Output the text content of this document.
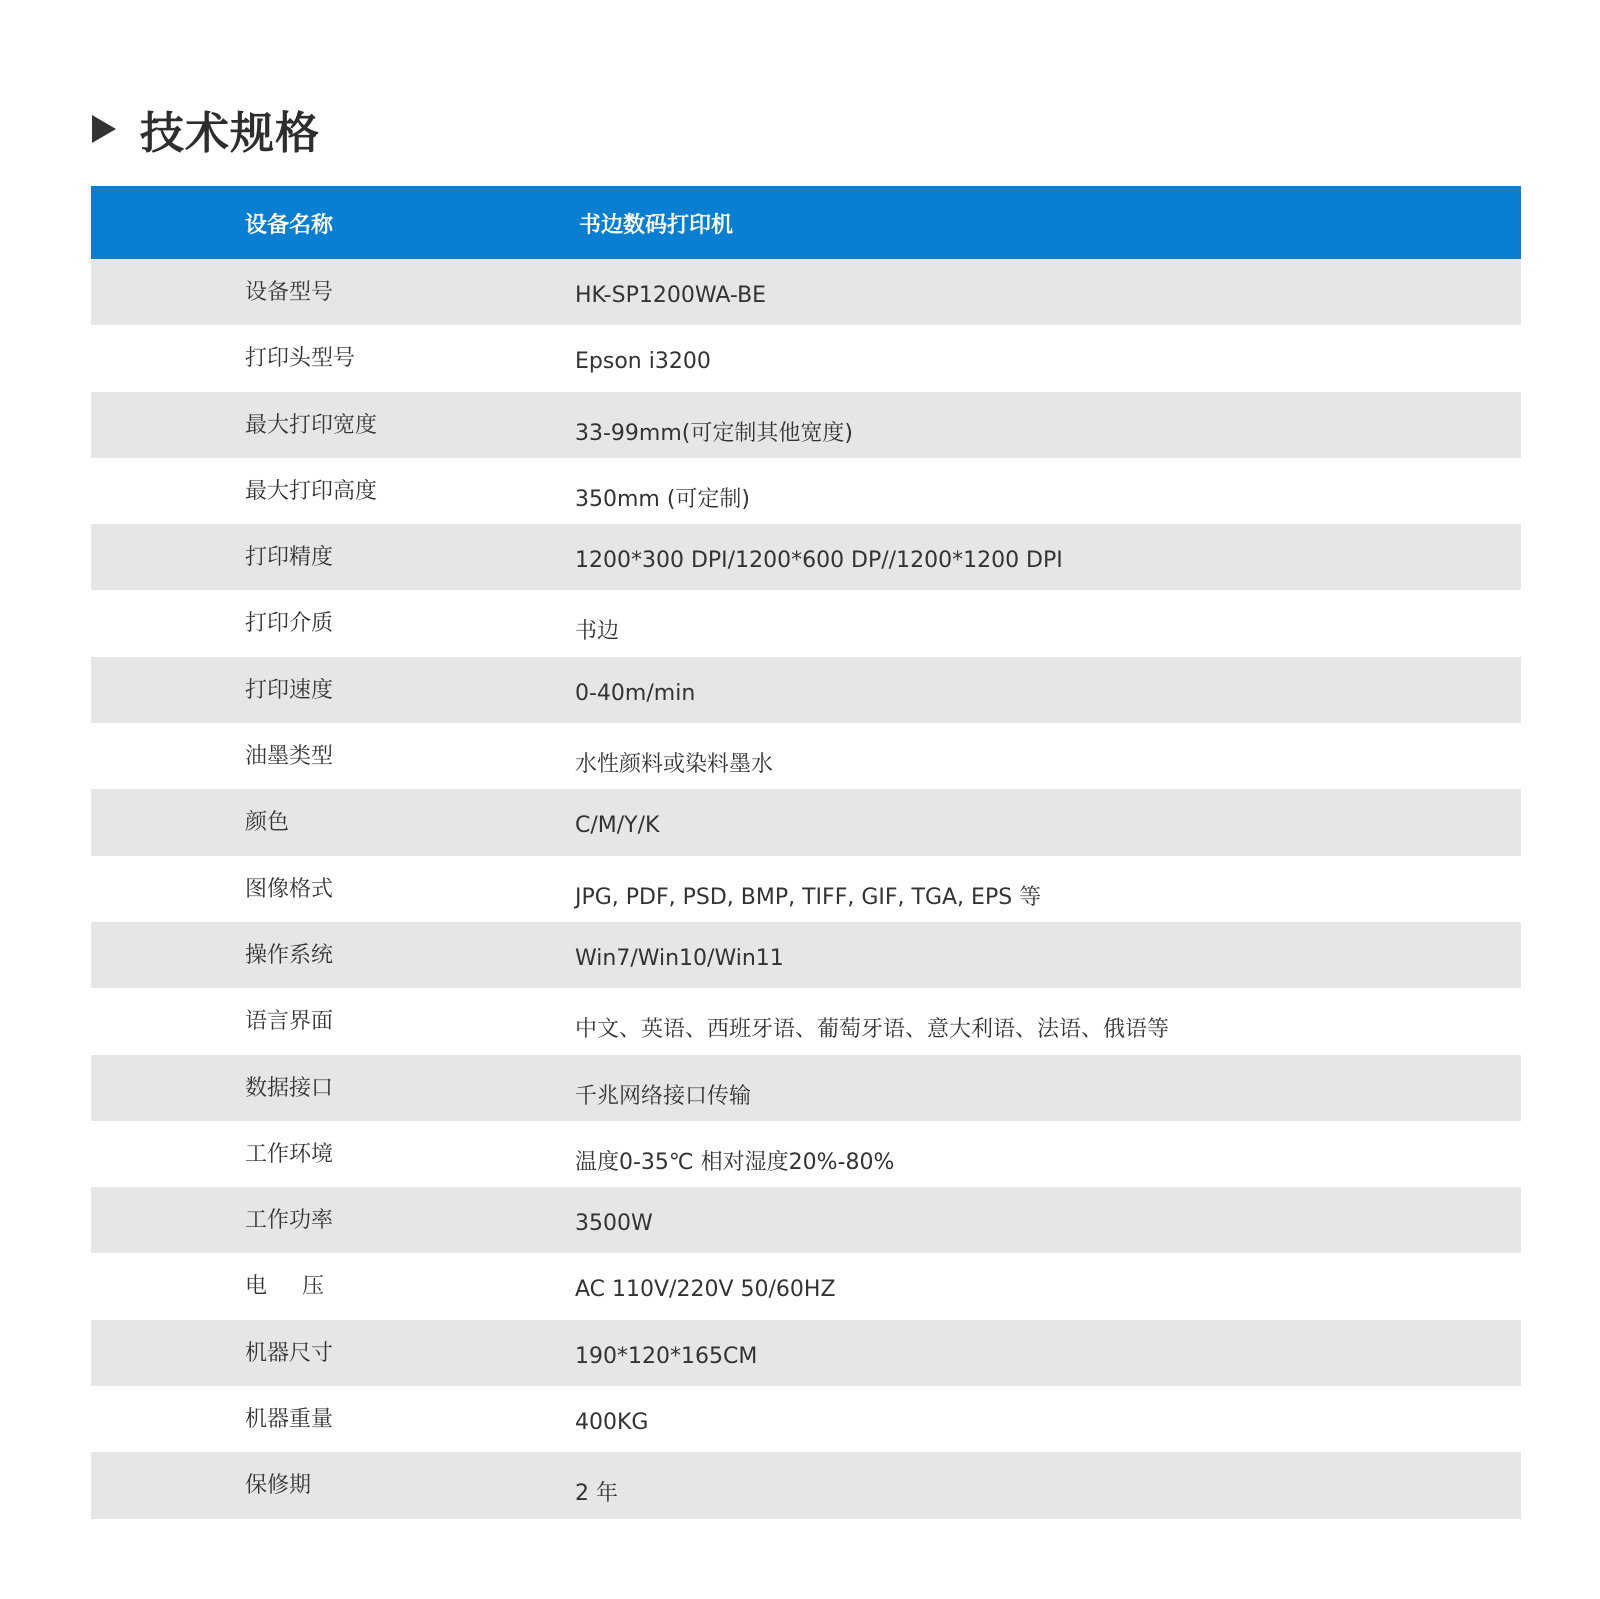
技术规格
设备名称	书边数码打印机
设备型号	HK-SP1200WA-BE
打印头型号	Epson i3200
最大打印宽度	33-99mm(可定制其他宽度)
最大打印高度	350mm (可定制)
打印精度	1200*300 DPI/1200*600 DP//1200*1200 DPI
打印介质	书边
打印速度	0-40m/min
油墨类型	水性颜料或染料墨水
颜色	C/M/Y/K
图像格式	JPG, PDF, PSD, BMP, TIFF, GIF, TGA, EPS 等
操作系统	Win7/Win10/Win11
语言界面	中文、英语、西班牙语、葡萄牙语、意大利语、法语、俄语等
数据接口	千兆网络接口传输
工作环境	温度0-35℃ 相对湿度20%-80%
工作功率	3500W
电     压	AC 110V/220V 50/60HZ
机器尺寸	190*120*165CM
机器重量	400KG
保修期	2 年
